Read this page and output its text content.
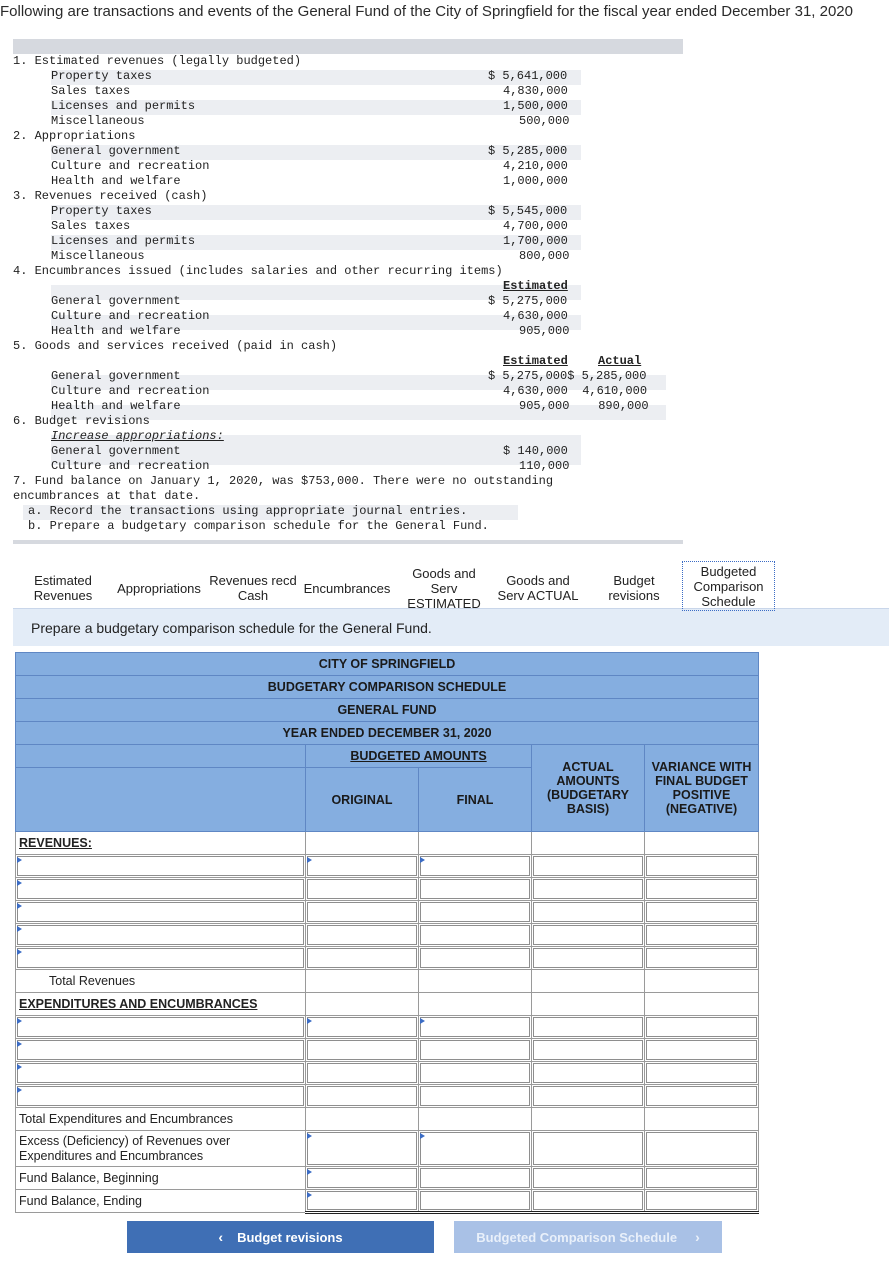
Following are transactions and events of the General Fund of the City of Springfield for the fiscal year ended December 31, 2020
1. Estimated revenues (legally budgeted)
Property taxes	$ 5,641,000
Sales taxes	4,830,000
Licenses and permits	1,500,000
Miscellaneous	500,000
2. Appropriations
General government	$ 5,285,000
Culture and recreation	4,210,000
Health and welfare	1,000,000
3. Revenues received (cash)
Property taxes	$ 5,545,000
Sales taxes	4,700,000
Licenses and permits	1,700,000
Miscellaneous	800,000
4. Encumbrances issued (includes salaries and other recurring items)
Estimated
General government	$ 5,275,000
Culture and recreation	4,630,000
Health and welfare	905,000
5. Goods and services received (paid in cash)
Estimated	Actual
General government	$ 5,275,000$ 5,285,000
Culture and recreation	4,630,000  4,610,000
Health and welfare	905,000    890,000
6. Budget revisions
Increase appropriations:
General government	$ 140,000
Culture and recreation	110,000
7. Fund balance on January 1, 2020, was $753,000. There were no outstanding
encumbrances at that date.
a. Record the transactions using appropriate journal entries.
b. Prepare a budgetary comparison schedule for the General Fund.
Estimated Revenues	Appropriations Revenues recd Cash	Encumbrances
Goods and Serv ESTIMATED
Goods and Serv ACTUAL
Budget revisions
Budgeted Comparison Schedule
Prepare a budgetary comparison schedule for the General Fund.
CITY OF SPRINGFIELD				
BUDGETARY COMPARISON SCHEDULE				
GENERAL FUND				
YEAR ENDED DECEMBER 31, 2020				
	BUDGETED AMOUNTS		ACTUAL AMOUNTS (BUDGETARY BASIS)	VARIANCE WITH FINAL BUDGET POSITIVE (NEGATIVE)
	ORIGINAL	FINAL		
REVENUES:				

Total Revenues				
EXPENDITURES AND ENCUMBRANCES				

Total Expenditures and Encumbrances				
Excess (Deficiency) of Revenues over Expenditures and Encumbrances	

Fund Balance, Beginning	

Fund Balance, Ending	

‹ Budget revisions	Budgeted Comparison Schedule ›
